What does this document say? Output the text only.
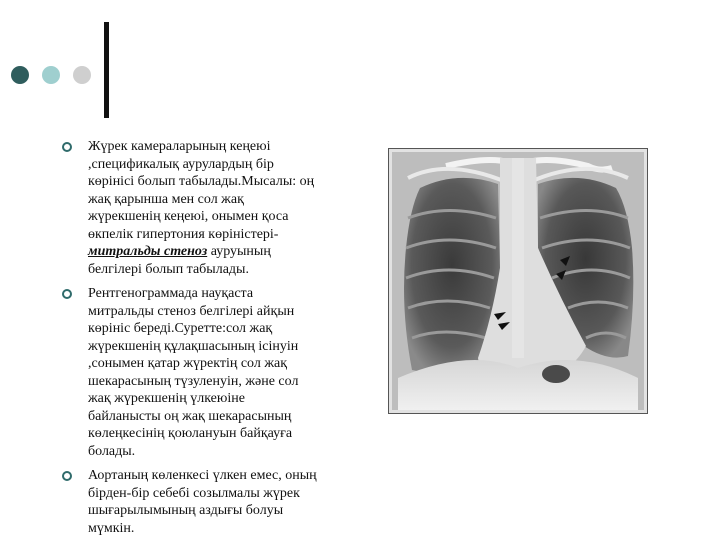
Жүрек камераларының кеңеюі
,спецификалық аурулардың бір
көрінісі болып табылады.Мысалы: оң
жақ қарынша мен сол жақ
жүрекшенің кеңеюі, онымен қоса
өкпелік гипертония көріністері-
митральды стеноз ауруының
белгілері болып табылады.
Рентгенограммада науқаста
митральды стеноз белгілері айқын
көрініс береді.Суретте:сол жақ
жүрекшенің құлақшасының ісінуін
,сонымен қатар жүректің сол жақ
шекарасының түзуленуін, және сол
жақ жүрекшенің үлкеюіне
байланысты оң жақ шекарасының
көлеңкесінің қоюлануын байқауға
болады.
Аортаның көленкесі үлкен емес, оның
бірден-бір себебі созылмалы жүрек
шығарылымының аздығы болуы
мүмкін.
